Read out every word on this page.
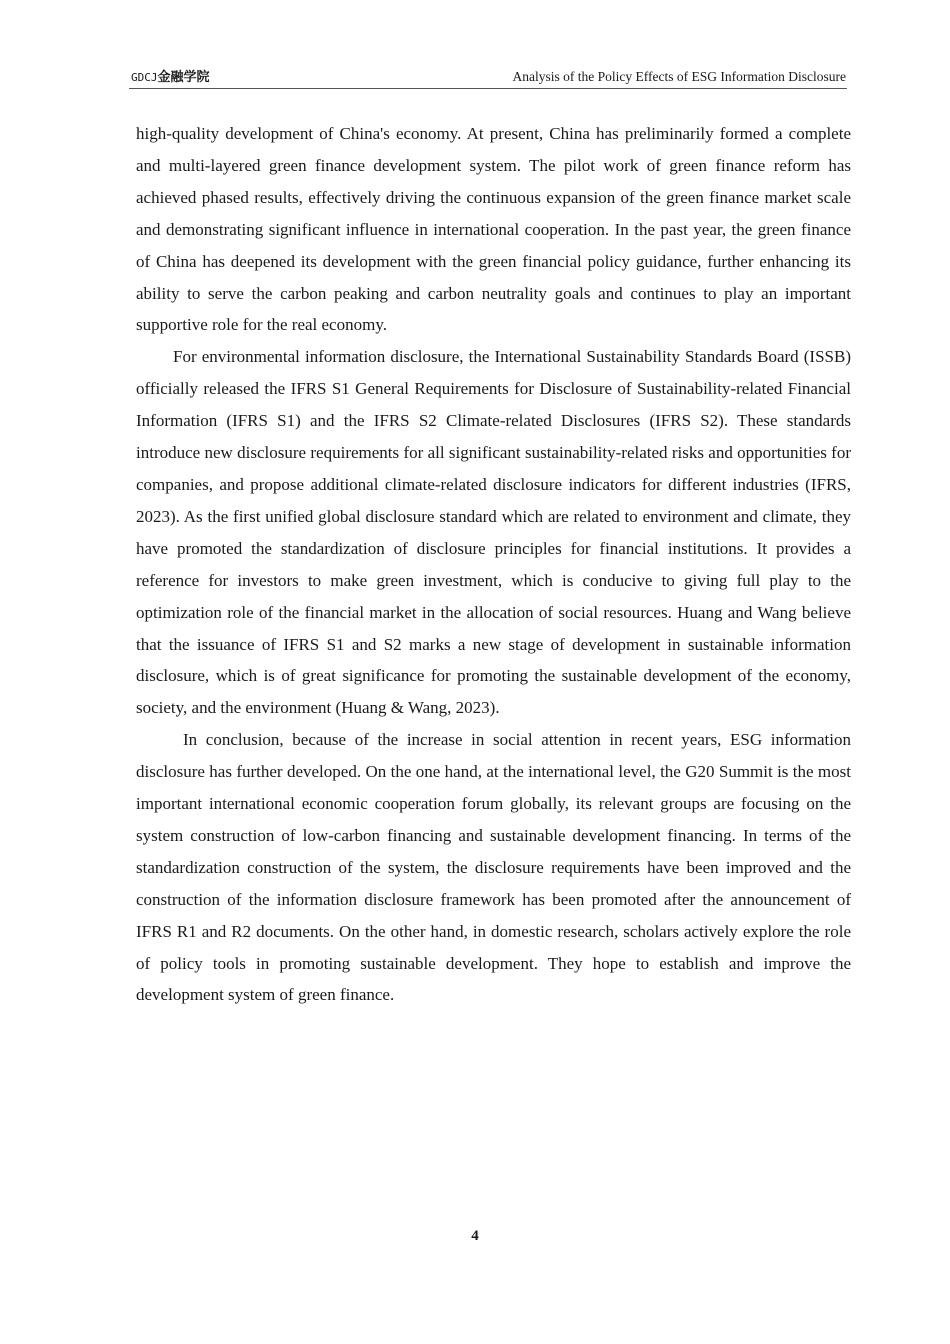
GDCJ金融学院	Analysis of the Policy Effects of ESG Information Disclosure

high-quality development of China's economy. At present, China has preliminarily formed a complete and multi-layered green finance development system. The pilot work of green finance reform has achieved phased results, effectively driving the continuous expansion of the green finance market scale and demonstrating significant influence in international cooperation. In the past year, the green finance of China has deepened its development with the green financial policy guidance, further enhancing its ability to serve the carbon peaking and carbon neutrality goals and continues to play an important supportive role for the real economy.

For environmental information disclosure, the International Sustainability Standards Board (ISSB) officially released the IFRS S1 General Requirements for Disclosure of Sustainability-related Financial Information (IFRS S1) and the IFRS S2 Climate-related Disclosures (IFRS S2). These standards introduce new disclosure requirements for all significant sustainability-related risks and opportunities for companies, and propose additional climate-related disclosure indicators for different industries (IFRS, 2023). As the first unified global disclosure standard which are related to environment and climate, they have promoted the standardization of disclosure principles for financial institutions. It provides a reference for investors to make green investment, which is conducive to giving full play to the optimization role of the financial market in the allocation of social resources. Huang and Wang believe that the issuance of IFRS S1 and S2 marks a new stage of development in sustainable information disclosure, which is of great significance for promoting the sustainable development of the economy, society, and the environment (Huang & Wang, 2023).

In conclusion, because of the increase in social attention in recent years, ESG information disclosure has further developed. On the one hand, at the international level, the G20 Summit is the most important international economic cooperation forum globally, its relevant groups are focusing on the system construction of low-carbon financing and sustainable development financing. In terms of the standardization construction of the system, the disclosure requirements have been improved and the construction of the information disclosure framework has been promoted after the announcement of IFRS R1 and R2 documents. On the other hand, in domestic research, scholars actively explore the role of policy tools in promoting sustainable development. They hope to establish and improve the development system of green finance.

4
